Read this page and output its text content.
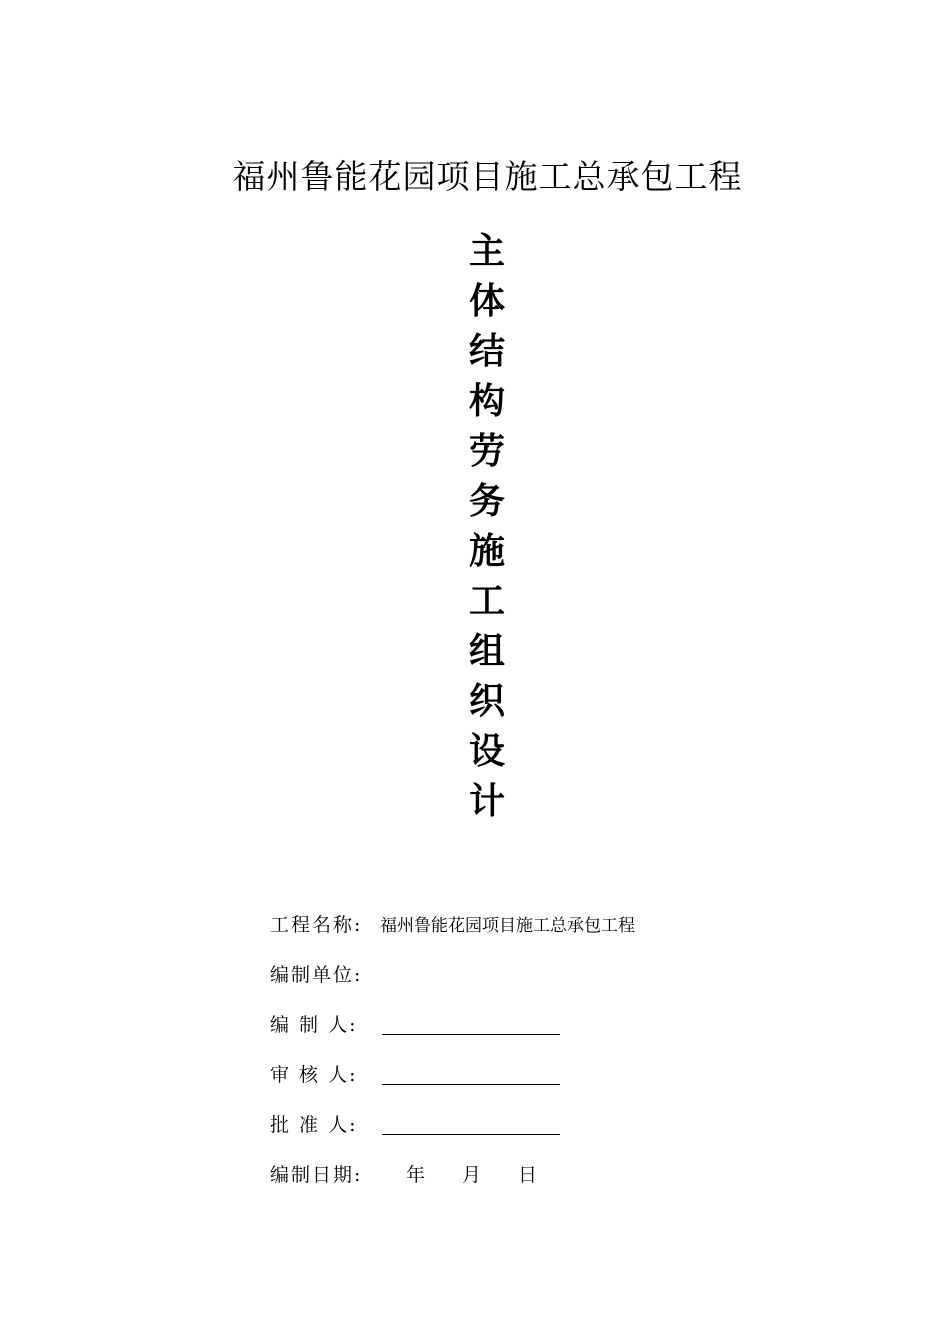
福州鲁能花园项目施工总承包工程
主
体
结
构
劳
务
施
工
组
织
设
计
工程名称:	福州鲁能花园项目施工总承包工程
编制单位:
编 制 人:
审 核 人:
批 准 人:
编制日期:	年	月	日
